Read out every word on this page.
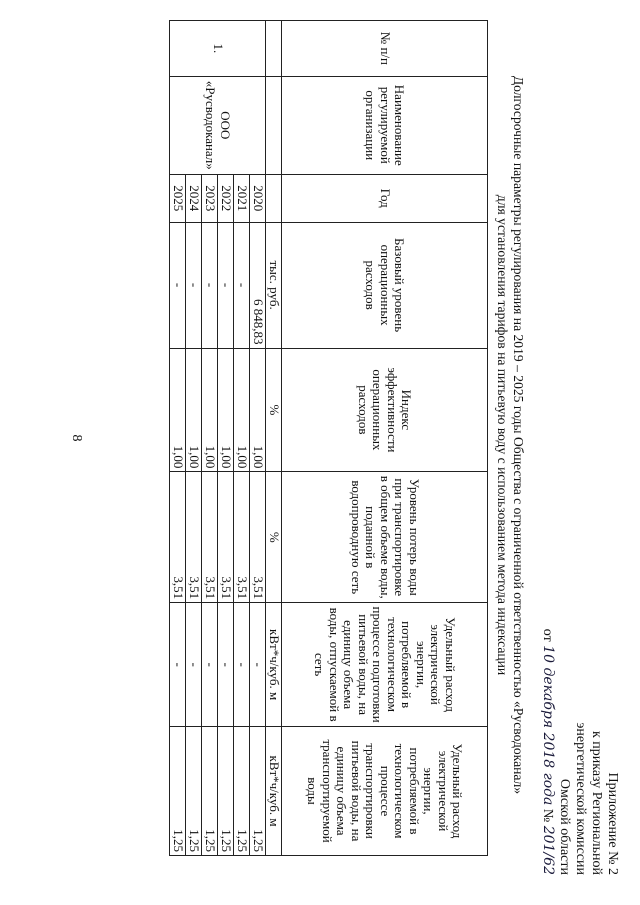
8
Приложение № 2
к приказу Региональной
энергетической комиссии
Омской области
от 10 декабря 2018 года № 201/62
Долгосрочные параметры регулирования на 2019 – 2025 годы Общества с ограниченной ответственностью «Русводоканал»
для установления тарифов на питьевую воду с использованием метода индексации
№ п/п	Наименование регулируемой организации	Год	Базовый уровень операционных расходов	Индекс эффективности операционных расходов	Уровень потерь воды при транспортировке в общем объеме воды, поданной в водопроводную сеть	Удельный расход электрической энергии, потребляемой в технологическом процессе подготовки питьевой воды, на единицу объема воды, отпускаемой в сеть	Удельный расход электрической энергии, потребляемой в технологическом процессе транспортировки питьевой воды, на единицу объема транспортируемой воды
			тыс. руб.	%	%	кВт*ч/куб. м	кВт*ч/куб. м
1.	ООО «Русводоканал»	2020	6 848,83	1,00	3,51	-	1,25
		2021	-	1,00	3,51	-	1,25
		2022	-	1,00	3,51	-	1,25
		2023	-	1,00	3,51	-	1,25
		2024	-	1,00	3,51	-	1,25
		2025	-	1,00	3,51	-	1,25
